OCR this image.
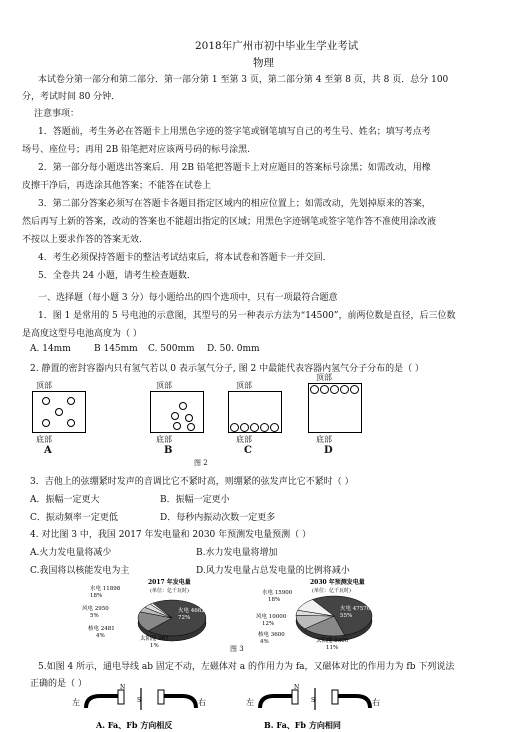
2018年广州市初中毕业生学业考试
物理
本试卷分第一部分和第二部分．第一部分第 1 至第 3 页，第二部分第 4 至第 8 页，共 8 页．总分 100
分，考试时间 80 分钟．
注意事项：
1．答题前，考生务必在答题卡上用黑色字迹的签字笔或钢笔填写自己的考生号、姓名；填写考点考
场号、座位号；再用 2B 铅笔把对应该两号码的标号涂黑.
2．第一部分每小题选出答案后．用 2B 铅笔把答题卡上对应题目的答案标号涂黑；如需改动，用橡
皮擦干净后，再选涂其他答案；不能答在试卷上
3．第二部分答案必须写在答题卡各题目指定区域内的相应位置上；如需改动，先划掉原来的答案，
然后再写上新的答案，改动的答案也不能超出指定的区域；用黑色字迹钢笔或签字笔作答不准使用涂改液
不按以上要求作答的答案无效.
4．考生必须保持答题卡的整洁考试结束后，将本试卷和答题卡一并交回．
5．全卷共 24 小题，请考生检查题数．
一、选择题（每小题 3 分）每小题给出的四个选项中，只有一项最符合题意
1．图 1 是常用的 5 号电池的示意图，其型号的另一种表示方法为“14500”，前两位数是直径，后三位数
是高度这型号电池高度为（ ）
A. 14mm	B 145mm C. 500mm D. 50. 0mm
2. 静置的密封容器内只有氢气若以 0 表示氢气分子, 图 2 中最能代表容器内氢气分子分布的是（ ）
顶部
底部
A
顶部
底部
B
顶部
底部
C
顶部
底部
D
图 2
3．吉他上的弦绷紧时发声的音调比它不紧时高，则绷紧的弦发声比它不紧时（ ）
A．振幅一定更大	B．振幅一定更小
C．振动频率一定更低	D．每秒内振动次数一定更多
4. 对比图 3 中，我国 2017 年发电量和 2030 年预测发电量预测（ ）
A.火力发电量将减少	B.水力发电量将增加
C.我国将以核能发电为主	D.风力发电量占总发电量的比例将减小
2017 年发电量
(单位：亿千瓦时)
水电 11898
18%
风电 2950
5%
核电 2481
4%
火电 46627
72%
太阳能 967
1%
2030 年预测发电量
(单位：亿千瓦时)
水电 15900
18%
火电 47570
55%
风电 10000
12%
核电 3600
4%	太阳能 9300
11%
图 3
5.如图 4 所示，通电导线 ab 固定不动，左磁体对 a 的作用力为 fa，又磁体对比的作用力为 fb 下列说法
正确的是（ ）
左
N
S	右
A. Fa、Fb 方向相反
左
N
S	右
B. Fa、Fb 方向相同
